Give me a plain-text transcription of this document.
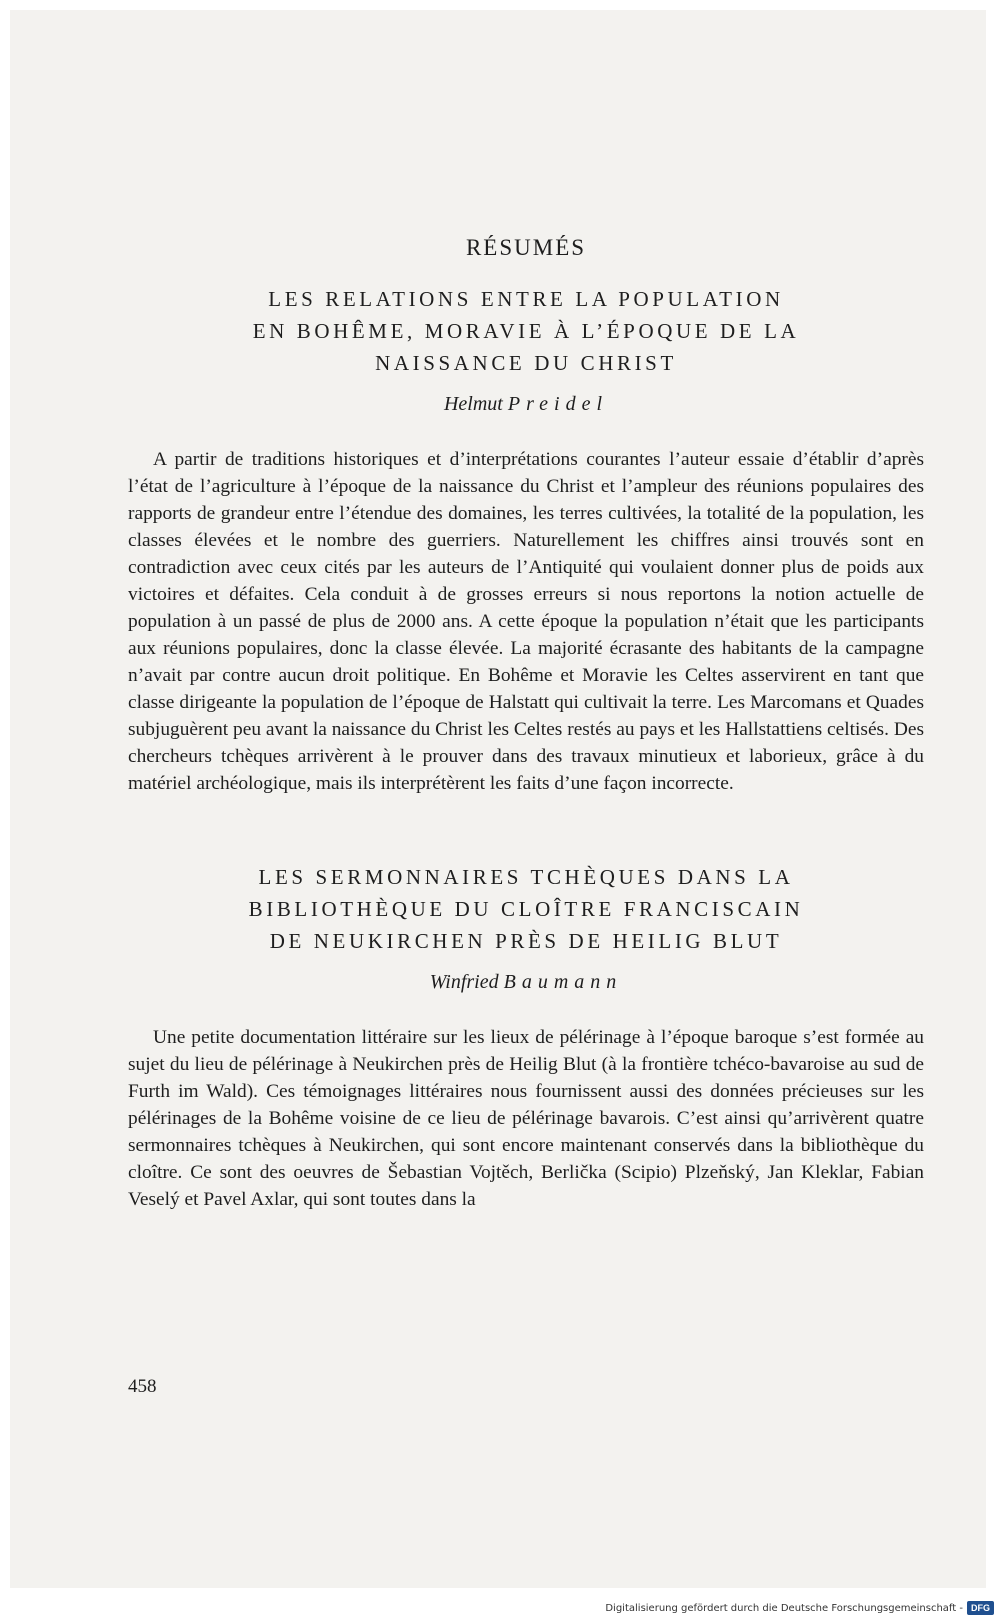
RÉSUMÉS
LES RELATIONS ENTRE LA POPULATION
EN BOHÊME, MORAVIE À L’ÉPOQUE DE LA
NAISSANCE DU CHRIST
Helmut Preidel

A partir de traditions historiques et d’interprétations courantes l’auteur essaie d’établir d’après l’état de l’agriculture à l’époque de la naissance du Christ et l’ampleur des réunions populaires des rapports de grandeur entre l’étendue des domaines, les terres cultivées, la totalité de la population, les classes élevées et le nombre des guerriers. Naturellement les chiffres ainsi trouvés sont en contradiction avec ceux cités par les auteurs de l’Antiquité qui voulaient donner plus de poids aux victoires et défaites. Cela conduit à de grosses erreurs si nous reportons la notion actuelle de population à un passé de plus de 2000 ans. A cette époque la population n’était que les participants aux réunions populaires, donc la classe élevée. La majorité écrasante des habitants de la campagne n’avait par contre aucun droit politique. En Bohême et Moravie les Celtes asservirent en tant que classe dirigeante la population de l’époque de Halstatt qui cultivait la terre. Les Marcomans et Quades subjuguèrent peu avant la naissance du Christ les Celtes restés au pays et les Hallstattiens celtisés. Des chercheurs tchèques arrivèrent à le prouver dans des travaux minutieux et laborieux, grâce à du matériel archéologique, mais ils interprétèrent les faits d’une façon incorrecte.

LES SERMONNAIRES TCHÈQUES DANS LA
BIBLIOTHÈQUE DU CLOÎTRE FRANCISCAIN
DE NEUKIRCHEN PRÈS DE HEILIG BLUT
Winfried Baumann

Une petite documentation littéraire sur les lieux de pélérinage à l’époque baroque s’est formée au sujet du lieu de pélérinage à Neukirchen près de Heilig Blut (à la frontière tchéco-bavaroise au sud de Furth im Wald). Ces témoignages littéraires nous fournissent aussi des données précieuses sur les pélérinages de la Bohême voisine de ce lieu de pélérinage bavarois. C’est ainsi qu’arrivèrent quatre sermonnaires tchèques à Neukirchen, qui sont encore maintenant conservés dans la bibliothèque du cloître. Ce sont des oeuvres de Šebastian Vojtěch, Berlička (Scipio) Plzeňský, Jan Kleklar, Fabian Veselý et Pavel Axlar, qui sont toutes dans la

458
Digitalisierung gefördert durch die Deutsche Forschungsgemeinschaft - DFG
